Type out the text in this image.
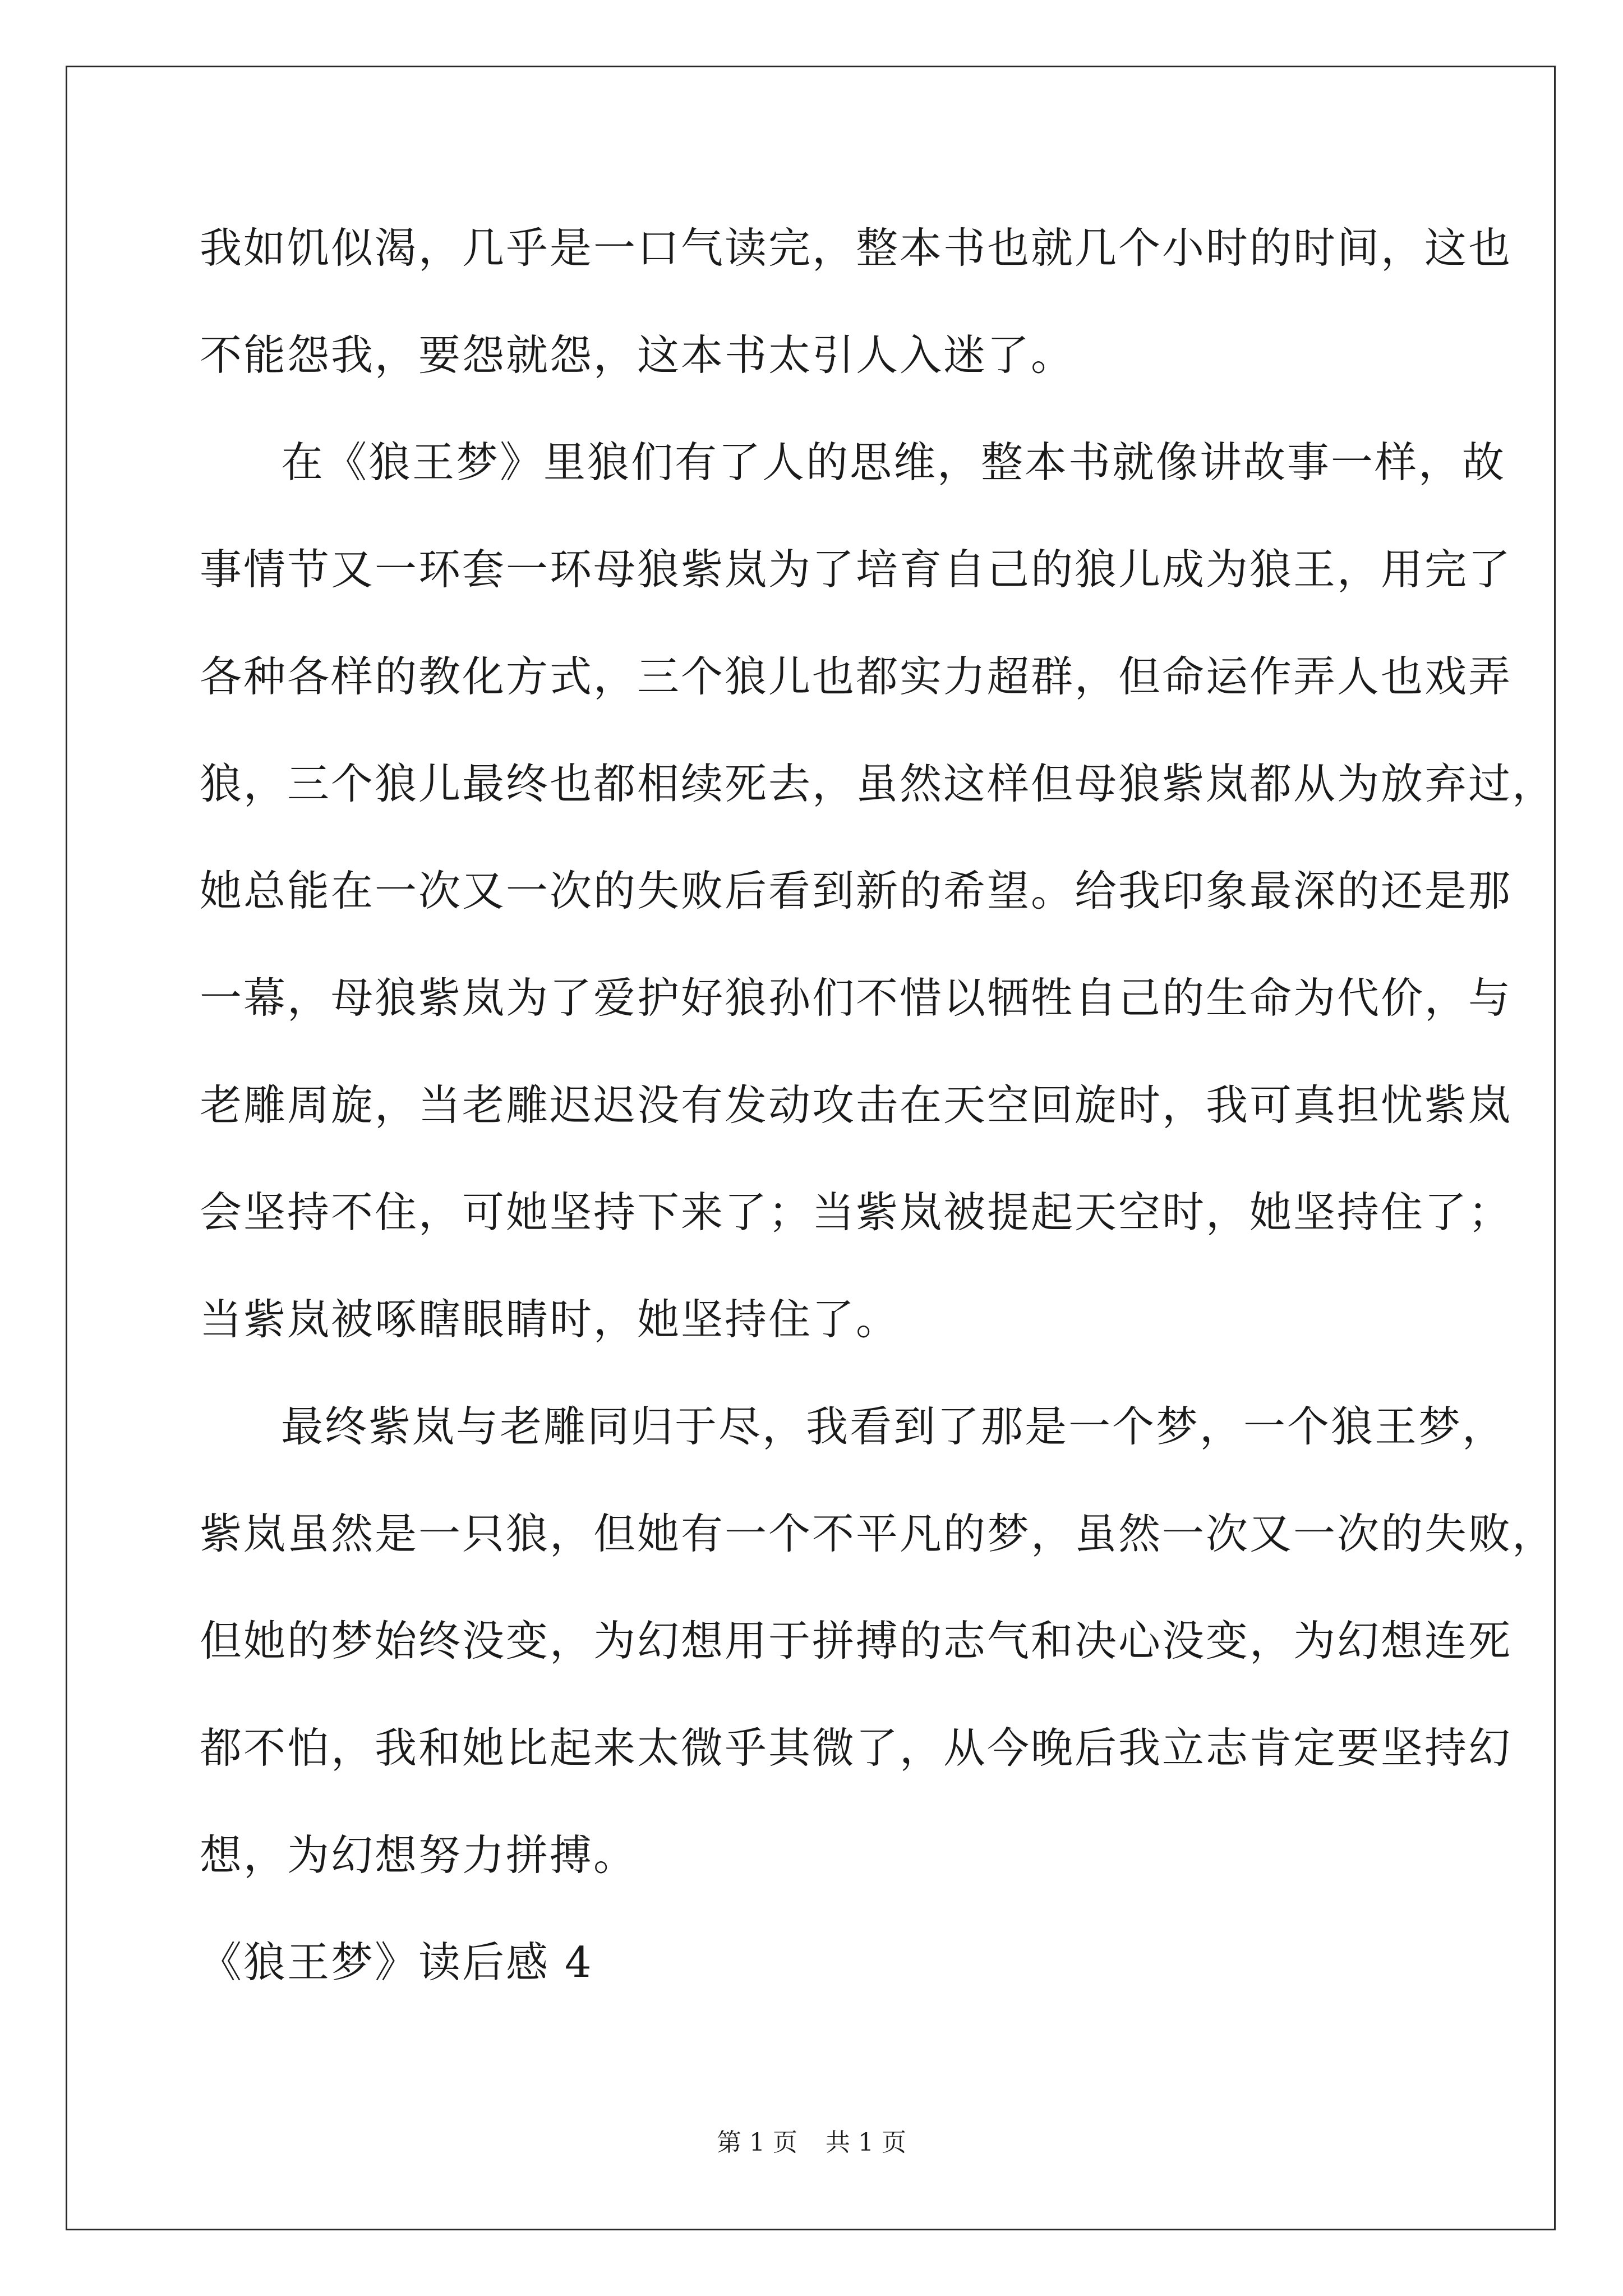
我如饥似渴，几乎是一口气读完，整本书也就几个小时的时间，这也
不能怨我，要怨就怨，这本书太引人入迷了。
在《狼王梦》里狼们有了人的思维，整本书就像讲故事一样，故
事情节又一环套一环母狼紫岚为了培育自己的狼儿成为狼王，用完了
各种各样的教化方式，三个狼儿也都实力超群，但命运作弄人也戏弄
狼，三个狼儿最终也都相续死去，虽然这样但母狼紫岚都从为放弃过，
她总能在一次又一次的失败后看到新的希望。给我印象最深的还是那
一幕，母狼紫岚为了爱护好狼孙们不惜以牺牲自己的生命为代价，与
老雕周旋，当老雕迟迟没有发动攻击在天空回旋时，我可真担忧紫岚
会坚持不住，可她坚持下来了；当紫岚被提起天空时，她坚持住了；
当紫岚被啄瞎眼睛时，她坚持住了。
最终紫岚与老雕同归于尽，我看到了那是一个梦，一个狼王梦，
紫岚虽然是一只狼，但她有一个不平凡的梦，虽然一次又一次的失败，
但她的梦始终没变，为幻想用于拼搏的志气和决心没变，为幻想连死
都不怕，我和她比起来太微乎其微了，从今晚后我立志肯定要坚持幻
想，为幻想努力拼搏。
《狼王梦》读后感 4
第 1 页 共 1 页
